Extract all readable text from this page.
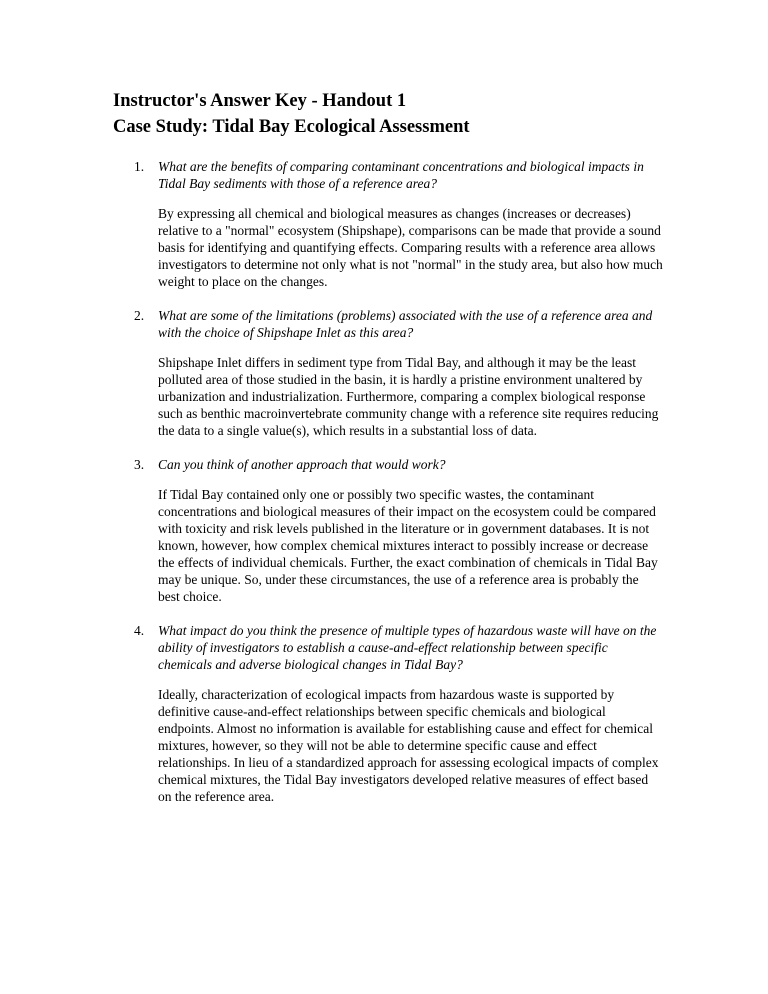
Instructor's Answer Key - Handout 1
Case Study: Tidal Bay Ecological Assessment
1.	What are the benefits of comparing contaminant concentrations and biological impacts in Tidal Bay sediments with those of a reference area?
By expressing all chemical and biological measures as changes (increases or decreases) relative to a "normal" ecosystem (Shipshape), comparisons can be made that provide a sound basis for identifying and quantifying effects. Comparing results with a reference area allows investigators to determine not only what is not "normal" in the study area, but also how much weight to place on the changes.
2.	What are some of the limitations (problems) associated with the use of a reference area and with the choice of Shipshape Inlet as this area?
Shipshape Inlet differs in sediment type from Tidal Bay, and although it may be the least polluted area of those studied in the basin, it is hardly a pristine environment unaltered by urbanization and industrialization. Furthermore, comparing a complex biological response such as benthic macroinvertebrate community change with a reference site requires reducing the data to a single value(s), which results in a substantial loss of data.
3.	Can you think of another approach that would work?
If Tidal Bay contained only one or possibly two specific wastes, the contaminant concentrations and biological measures of their impact on the ecosystem could be compared with toxicity and risk levels published in the literature or in government databases. It is not known, however, how complex chemical mixtures interact to possibly increase or decrease the effects of individual chemicals. Further, the exact combination of chemicals in Tidal Bay may be unique. So, under these circumstances, the use of a reference area is probably the best choice.
4.	What impact do you think the presence of multiple types of hazardous waste will have on the ability of investigators to establish a cause-and-effect relationship between specific chemicals and adverse biological changes in Tidal Bay?
Ideally, characterization of ecological impacts from hazardous waste is supported by definitive cause-and-effect relationships between specific chemicals and biological endpoints. Almost no information is available for establishing cause and effect for chemical mixtures, however, so they will not be able to determine specific cause and effect relationships. In lieu of a standardized approach for assessing ecological impacts of complex chemical mixtures, the Tidal Bay investigators developed relative measures of effect based on the reference area.
